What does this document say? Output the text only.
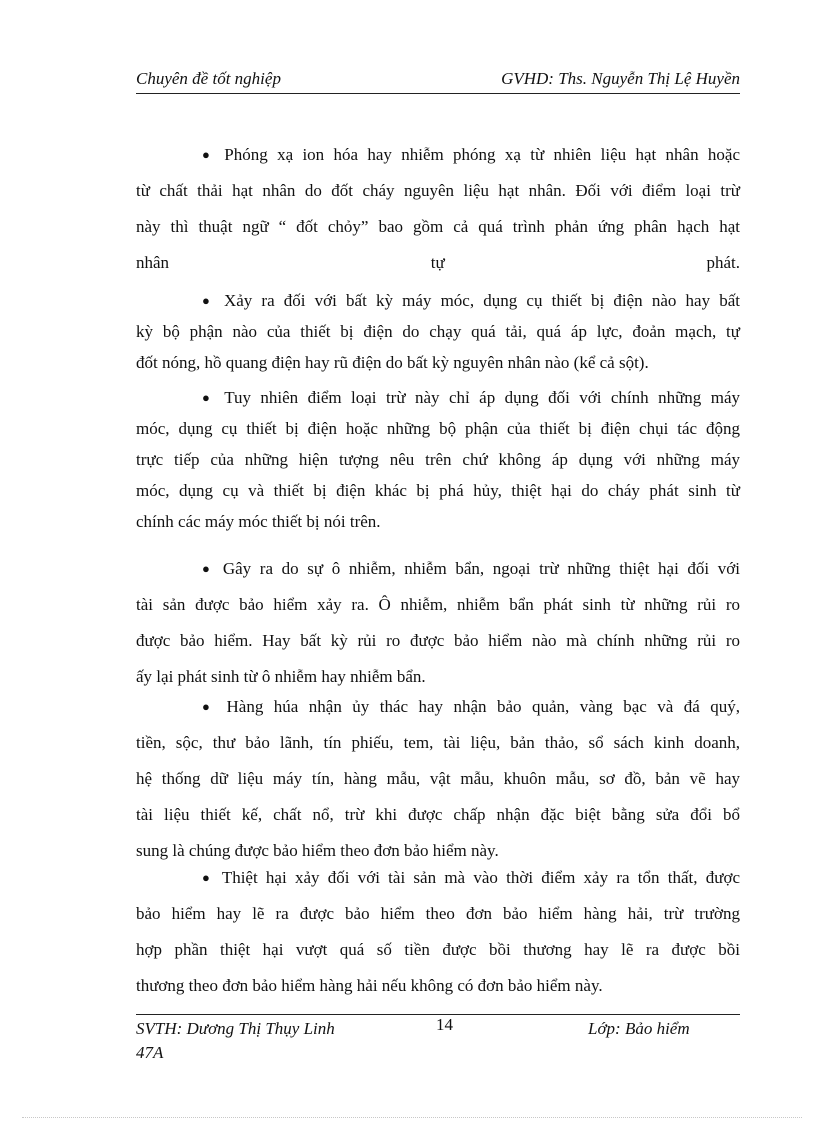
Chuyên đề tốt nghiệp	GVHD: Ths. Nguyễn Thị Lệ Huyền
● Phóng xạ ion hóa hay nhiễm phóng xạ từ nhiên liệu hạt nhân hoặc
từ chất thải hạt nhân do đốt cháy nguyên liệu hạt nhân. Đối với điểm loại trừ
này thì thuật ngữ “ đốt chỏy” bao gồm cả quá trình phản ứng phân hạch hạt
nhân tự phát.
● Xảy ra đối với bất kỳ máy móc, dụng cụ thiết bị điện nào hay bất
kỳ bộ phận nào của thiết bị điện do chạy quá tải, quá áp lực, đoản mạch, tự
đốt nóng, hồ quang điện hay rũ điện do bất kỳ nguyên nhân nào (kể cả sột).
● Tuy nhiên điểm loại trừ này chỉ áp dụng đối với chính những máy
móc, dụng cụ thiết bị điện hoặc những bộ phận của thiết bị điện chụi tác động
trực tiếp của những hiện tượng nêu trên chứ không áp dụng với những máy
móc, dụng cụ và thiết bị điện khác bị phá hủy, thiệt hại do cháy phát sinh từ
chính các máy móc thiết bị nói trên.
● Gây ra do sự ô nhiễm, nhiễm bẩn, ngoại trừ những thiệt hại đối với
tài sản được bảo hiểm xảy ra. Ô nhiễm, nhiễm bẩn phát sinh từ những rủi ro
được bảo hiểm. Hay bất kỳ rủi ro được bảo hiểm nào mà chính những rủi ro
ấy lại phát sinh từ ô nhiễm hay nhiễm bẩn.
● Hàng húa nhận ủy thác hay nhận bảo quản, vàng bạc và đá quý,
tiền, sộc, thư bảo lãnh, tín phiếu, tem, tài liệu, bản thảo, sổ sách kinh doanh,
hệ thống dữ liệu máy tín, hàng mẫu, vật mẫu, khuôn mẫu, sơ đồ, bản vẽ hay
tài liệu thiết kế, chất nổ, trừ khi được chấp nhận đặc biệt bằng sửa đổi bổ
sung là chúng được bảo hiểm theo đơn bảo hiểm này.
● Thiệt hại xảy đối với tài sản mà vào thời điểm xảy ra tổn thất, được
bảo hiểm hay lẽ ra được bảo hiểm theo đơn bảo hiểm hàng hải, trừ trường
hợp phần thiệt hại vượt quá số tiền được bồi thương hay lẽ ra được bồi
thương theo đơn bảo hiểm hàng hải nếu không có đơn bảo hiểm này.
SVTH: Dương Thị Thụy Linh
47A
14	Lớp: Bảo hiểm
